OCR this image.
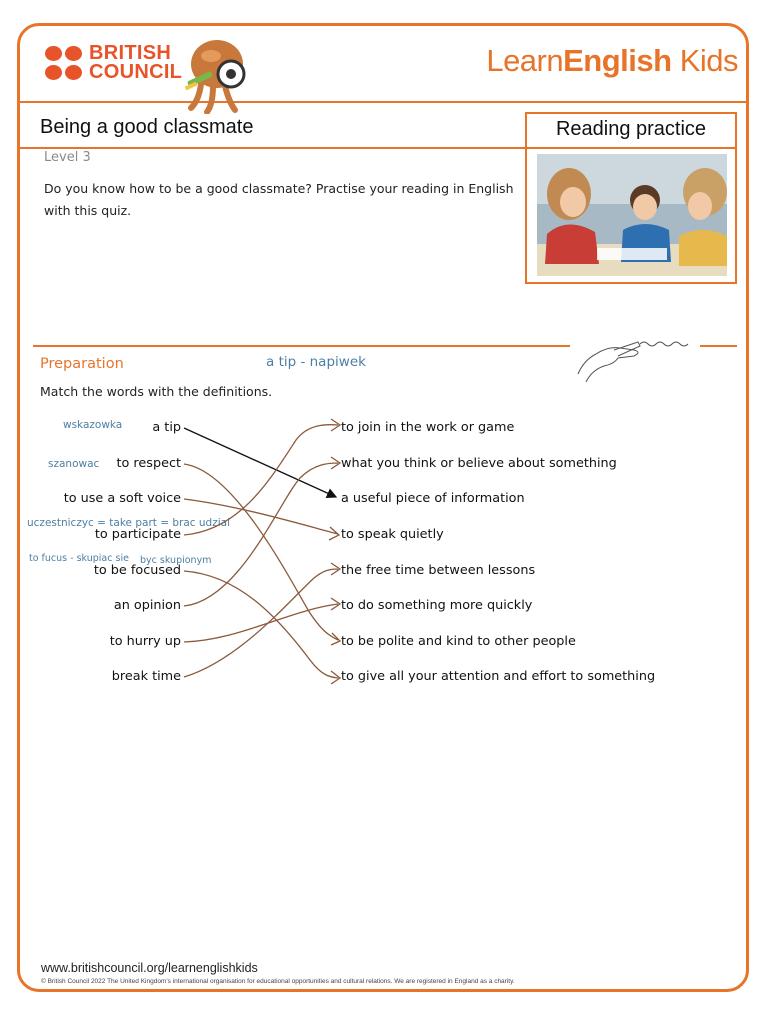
BRITISH
COUNCIL	LearnEnglish Kids
Being a good classmate
Level 3
Do you know how to be a good classmate? Practise your reading in English with this quiz.
Reading practice
Preparation	a tip - napiwek
Match the words with the definitions.
a tip
to respect
to use a soft voice
to participate
to be focused
an opinion
to hurry up
break time
to join in the work or game
what you think or believe about something
a useful piece of information
to speak quietly
the free time between lessons
to do something more quickly
to be polite and kind to other people
to give all your attention and effort to something
wskazowka
szanowac
uczestniczyc = take part = brac udzial
to fucus - skupiac sie byc skupionym
www.britishcouncil.org/learnenglishkids
© British Council 2022 The United Kingdom’s international organisation for educational opportunities and cultural relations. We are registered in England as a charity.
